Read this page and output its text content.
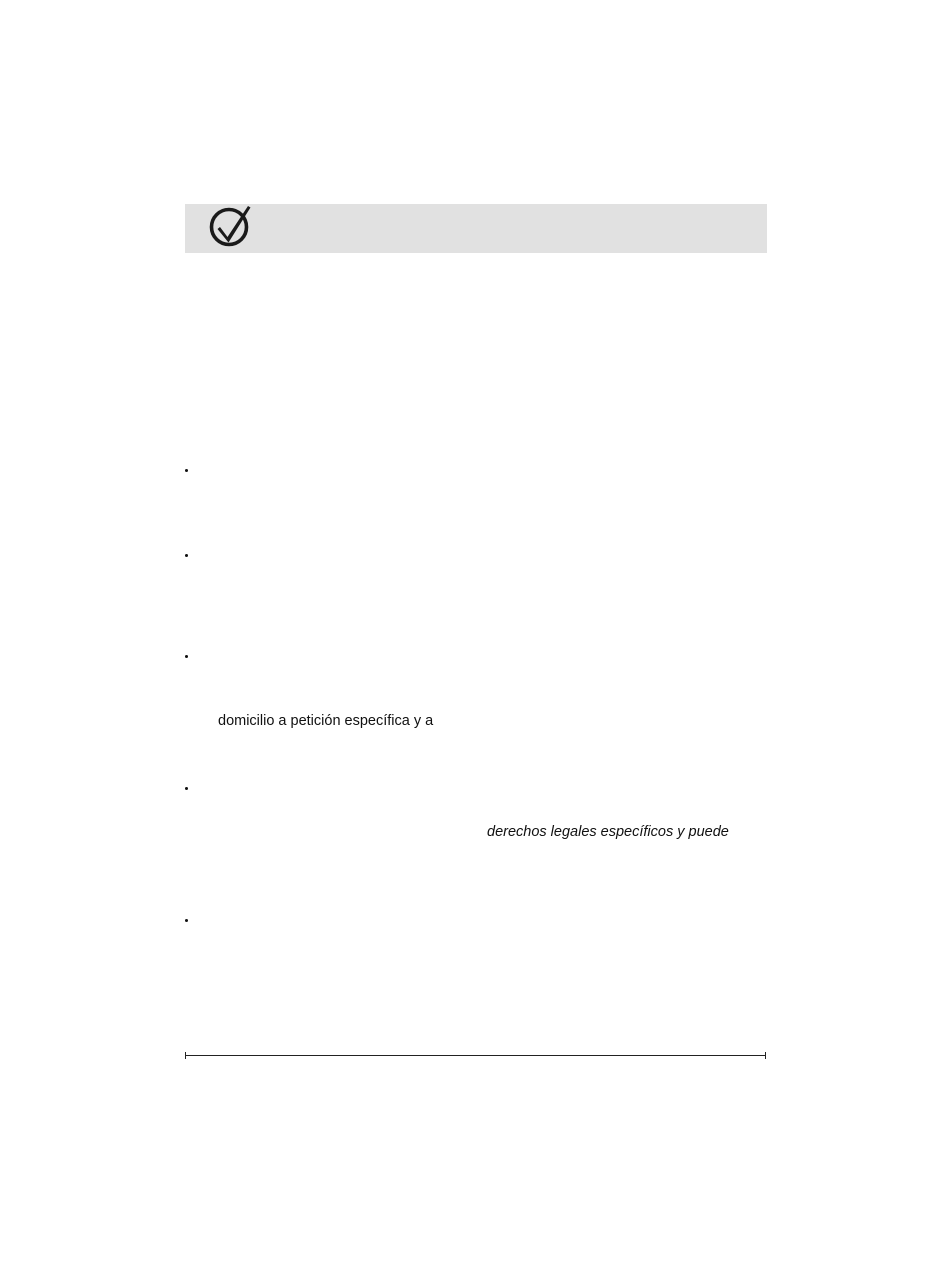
domicilio a petición específica y a
derechos legales específicos y puede
